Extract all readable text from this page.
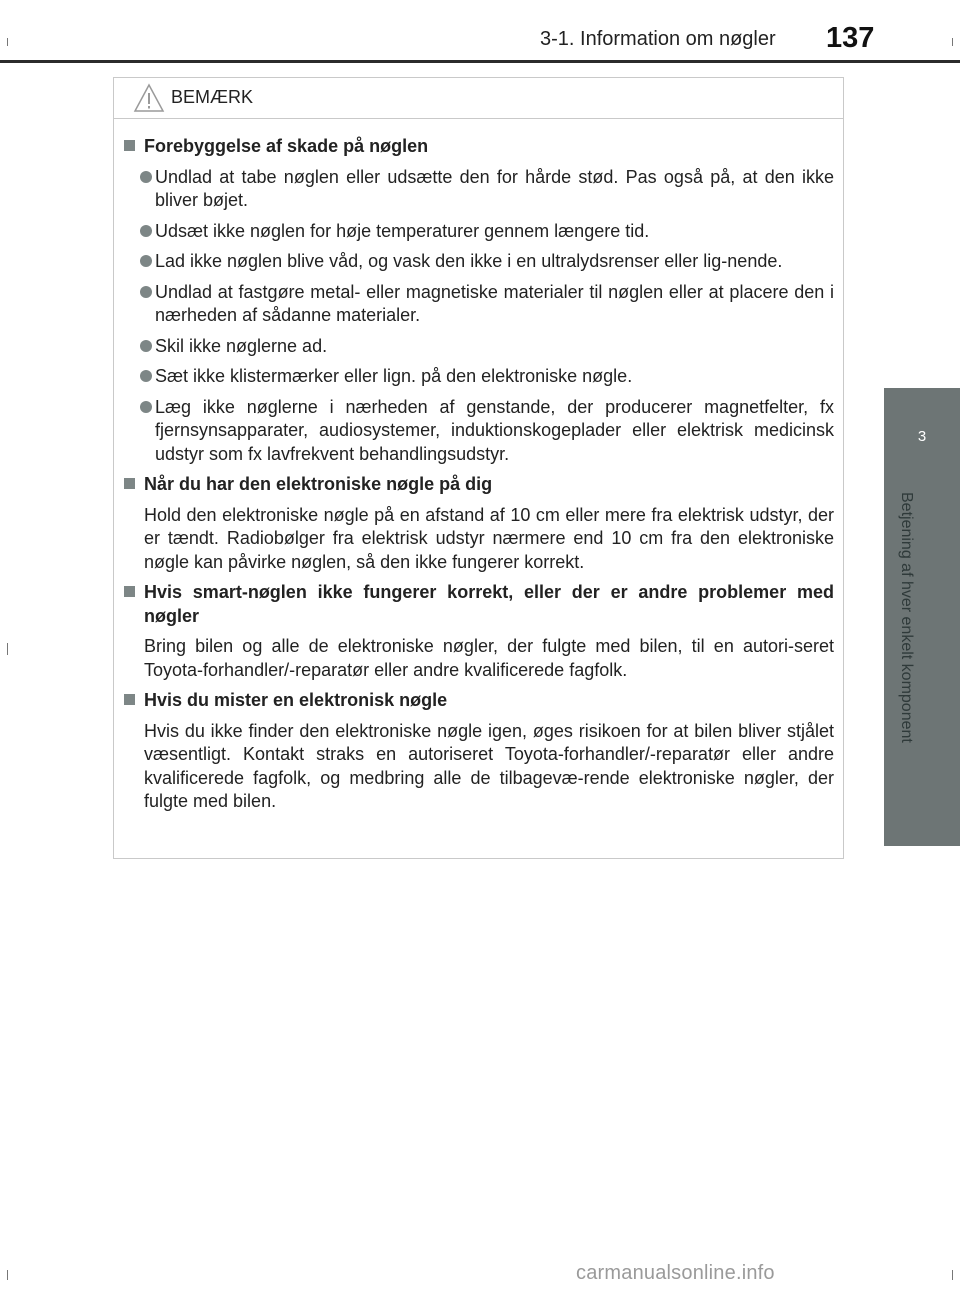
3-1. Information om nøgler 137
3
Betjening af hver enkelt komponent
BEMÆRK
Forebyggelse af skade på nøglen
Undlad at tabe nøglen eller udsætte den for hårde stød. Pas også på, at den ikke bliver bøjet.
Udsæt ikke nøglen for høje temperaturer gennem længere tid.
Lad ikke nøglen blive våd, og vask den ikke i en ultralydsrenser eller lig-nende.
Undlad at fastgøre metal- eller magnetiske materialer til nøglen eller at placere den i nærheden af sådanne materialer.
Skil ikke nøglerne ad.
Sæt ikke klistermærker eller lign. på den elektroniske nøgle.
Læg ikke nøglerne i nærheden af genstande, der producerer magnetfelter, fx fjernsynsapparater, audiosystemer, induktionskogeplader eller elektrisk medicinsk udstyr som fx lavfrekvent behandlingsudstyr.
Når du har den elektroniske nøgle på dig
Hold den elektroniske nøgle på en afstand af 10 cm eller mere fra elektrisk udstyr, der er tændt. Radiobølger fra elektrisk udstyr nærmere end 10 cm fra den elektroniske nøgle kan påvirke nøglen, så den ikke fungerer korrekt.
Hvis smart-nøglen ikke fungerer korrekt, eller der er andre problemer med nøgler
Bring bilen og alle de elektroniske nøgler, der fulgte med bilen, til en autori-seret Toyota-forhandler/-reparatør eller andre kvalificerede fagfolk.
Hvis du mister en elektronisk nøgle
Hvis du ikke finder den elektroniske nøgle igen, øges risikoen for at bilen bliver stjålet væsentligt. Kontakt straks en autoriseret Toyota-forhandler/-reparatør eller andre kvalificerede fagfolk, og medbring alle de tilbagevæ-rende elektroniske nøgler, der fulgte med bilen.
carmanualsonline.info
